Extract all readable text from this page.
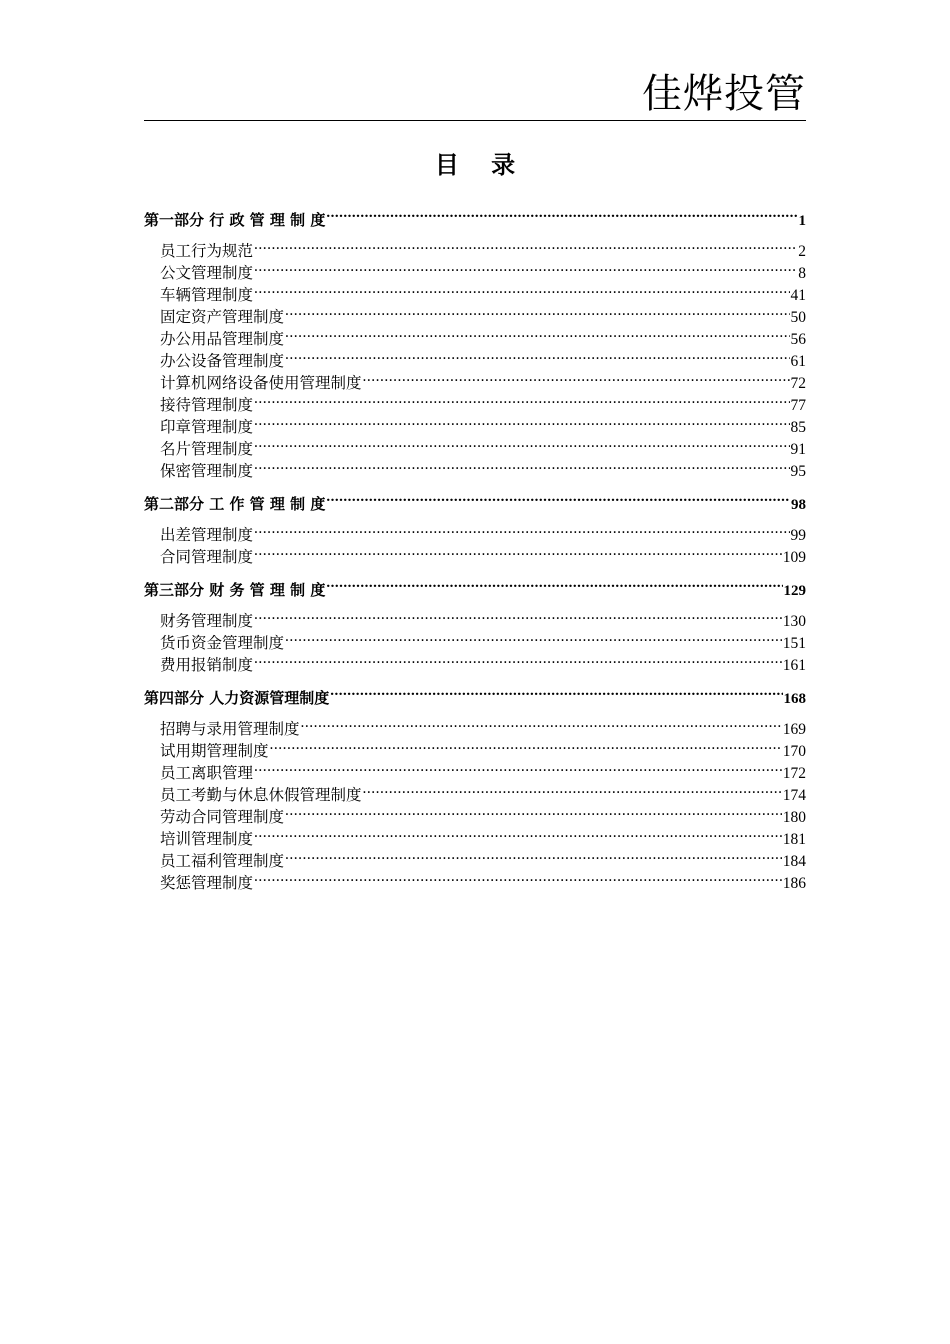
佳烨投管
目 录
第一部分 行 政 管 理 制 度 .....	1
员工行为规范 .....	2
公文管理制度 .....	8
车辆管理制度 .....	41
固定资产管理制度 .....	50
办公用品管理制度 .....	56
办公设备管理制度 .....	61
计算机网络设备使用管理制度 .....	72
接待管理制度 .....	77
印章管理制度 .....	85
名片管理制度 .....	91
保密管理制度 .....	95
第二部分 工 作 管 理 制 度 .....	98
出差管理制度 .....	99
合同管理制度 .....	109
第三部分 财 务 管 理 制 度 .....	129
财务管理制度 .....	130
货币资金管理制度 .....	151
费用报销制度 .....	161
第四部分 人力资源管理制度 .....	168
招聘与录用管理制度 .....	169
试用期管理制度 .....	170
员工离职管理 .....	172
员工考勤与休息休假管理制度 .....	174
劳动合同管理制度 .....	180
培训管理制度 .....	181
员工福利管理制度 .....	184
奖惩管理制度 .....	186
